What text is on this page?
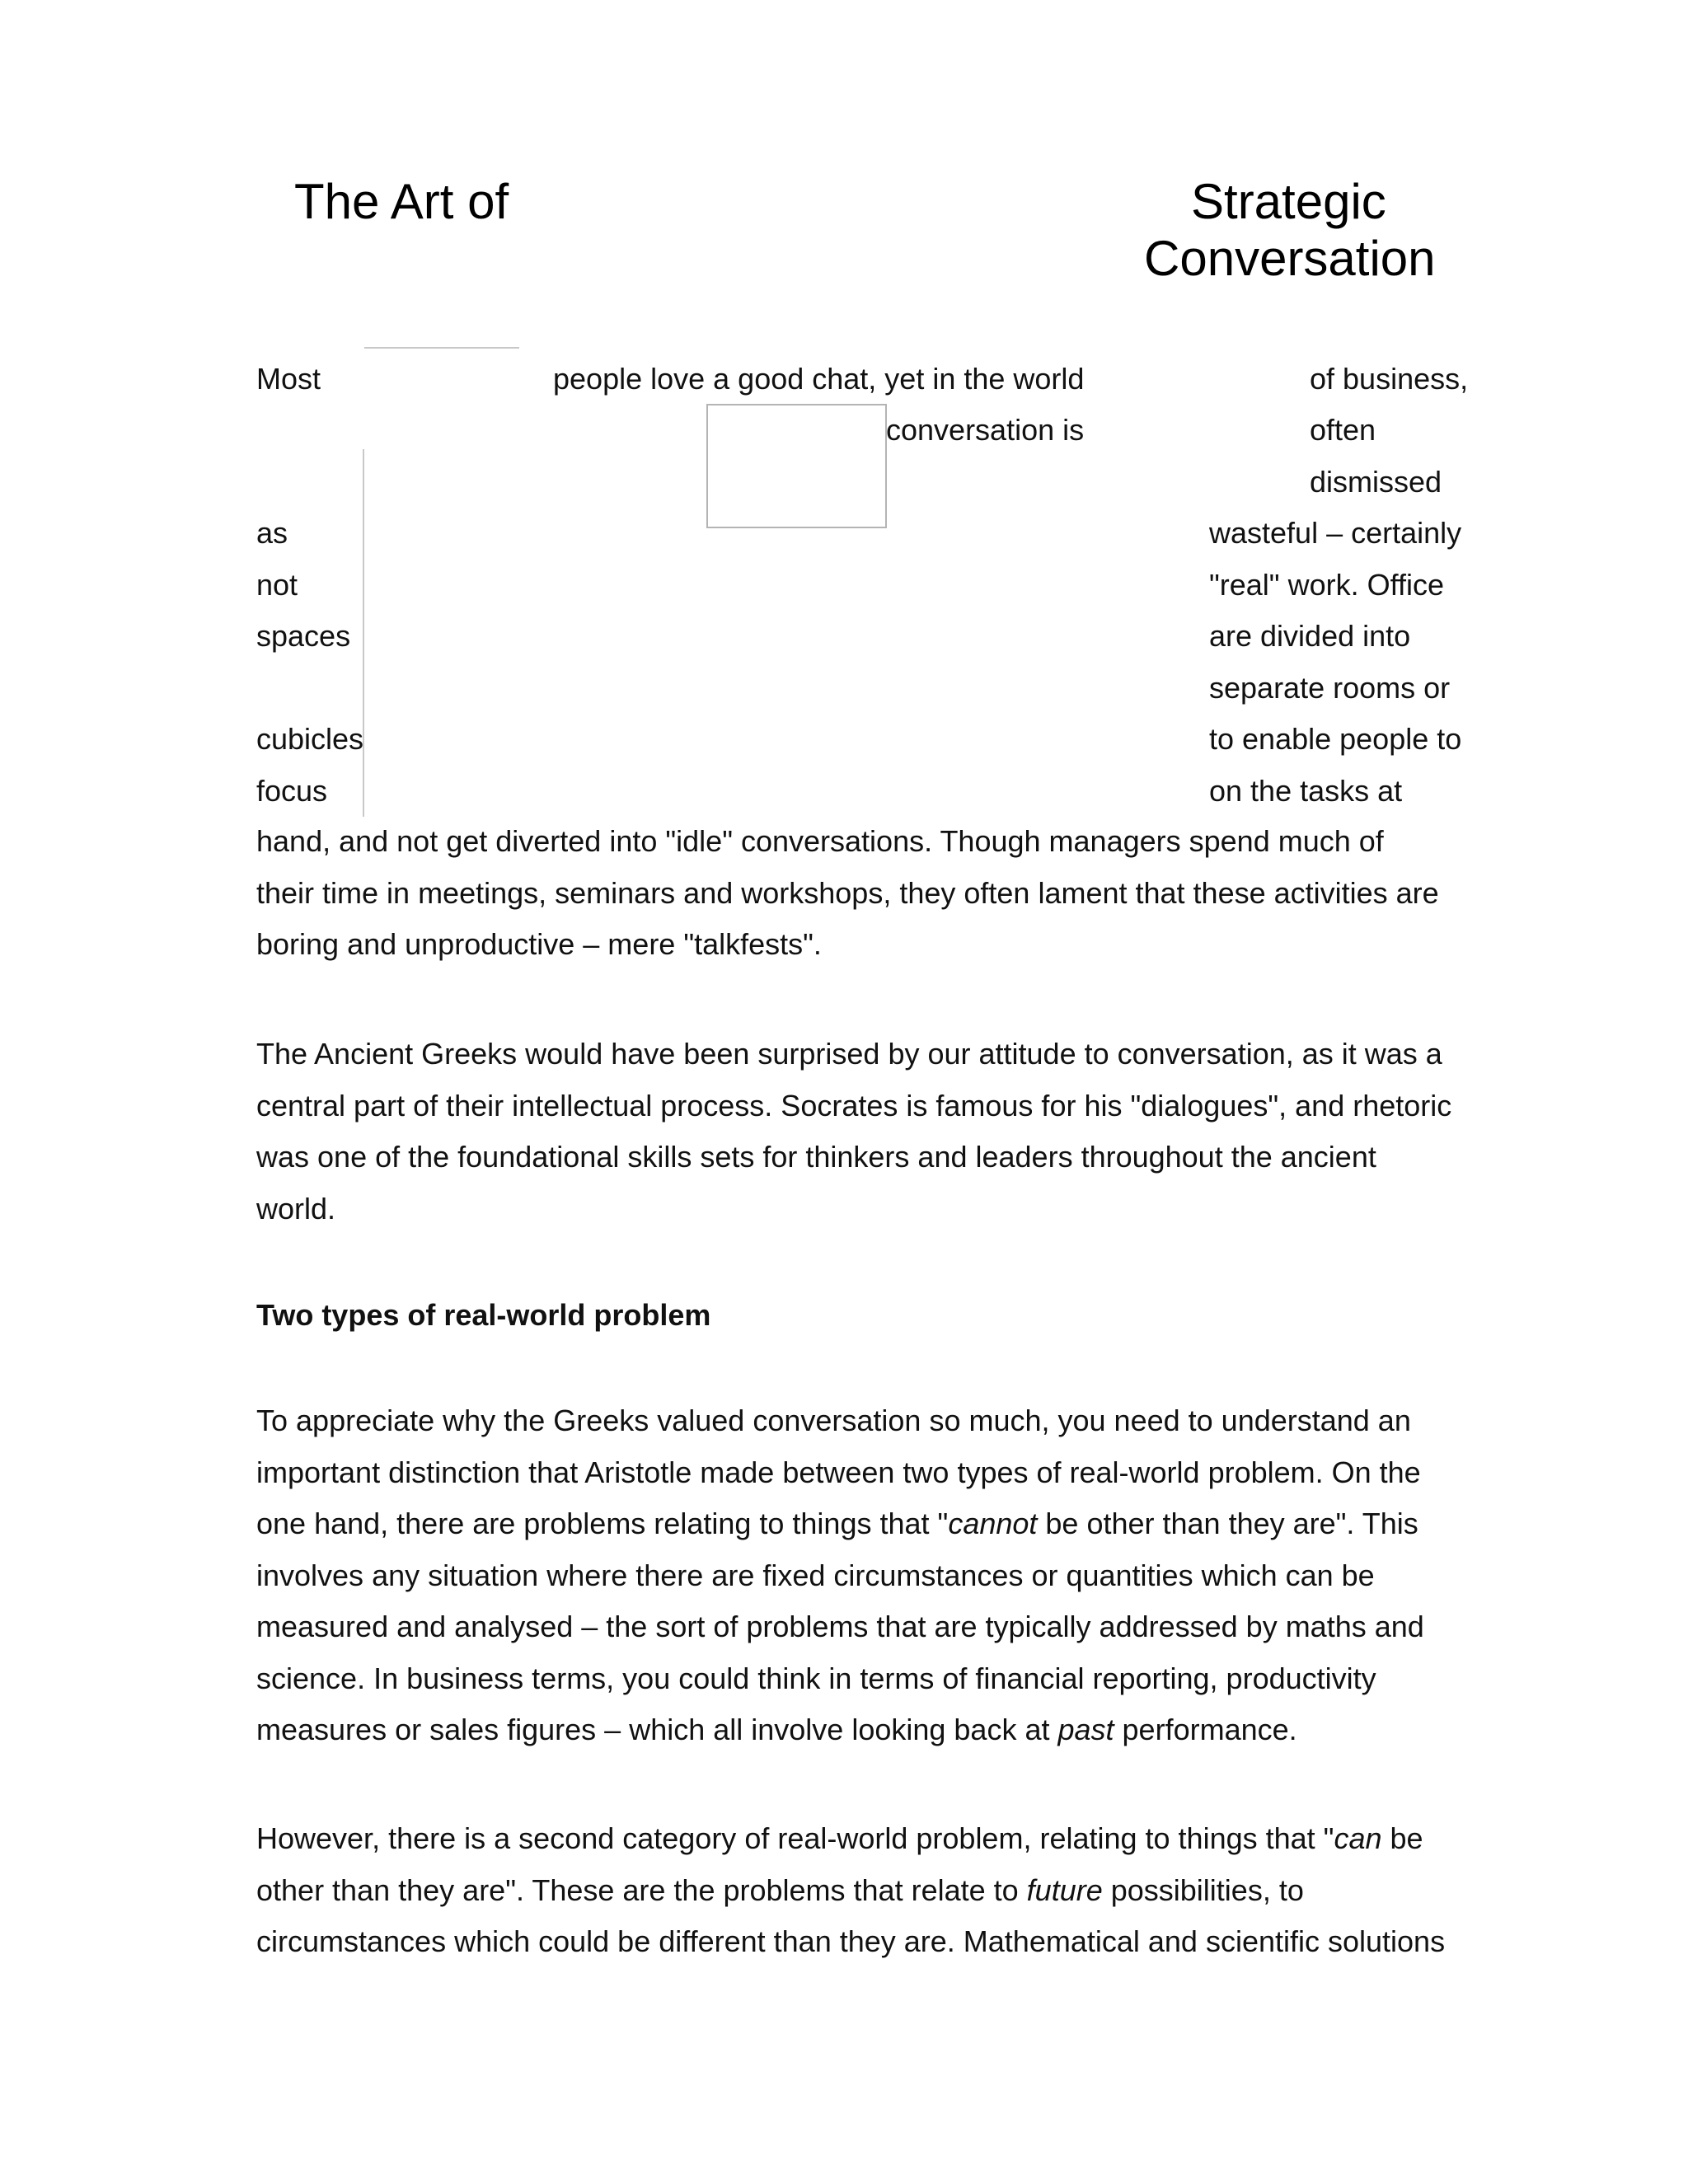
The Art of	Strategic
Conversation
Most	people love a good chat, yet in the world	of business,
conversation is	often
dismissed
as	wasteful – certainly
not	"real" work. Office
spaces	are divided into
separate rooms or
cubicles	to enable people to
focus	on the tasks at

hand, and not get diverted into "idle" conversations. Though managers spend much of

their time in meetings, seminars and workshops, they often lament that these activities are

boring and unproductive – mere "talkfests".

The Ancient Greeks would have been surprised by our attitude to conversation, as it was a

central part of their intellectual process. Socrates is famous for his "dialogues", and rhetoric

was one of the foundational skills sets for thinkers and leaders throughout the ancient

world.

Two types of real-world problem

To appreciate why the Greeks valued conversation so much, you need to understand an

important distinction that Aristotle made between two types of real-world problem. On the

one hand, there are problems relating to things that "cannot be other than they are". This

involves any situation where there are fixed circumstances or quantities which can be

measured and analysed – the sort of problems that are typically addressed by maths and

science. In business terms, you could think in terms of financial reporting, productivity

measures or sales figures – which all involve looking back at past performance.

However, there is a second category of real-world problem, relating to things that "can be

other than they are". These are the problems that relate to future possibilities, to

circumstances which could be different than they are. Mathematical and scientific solutions
